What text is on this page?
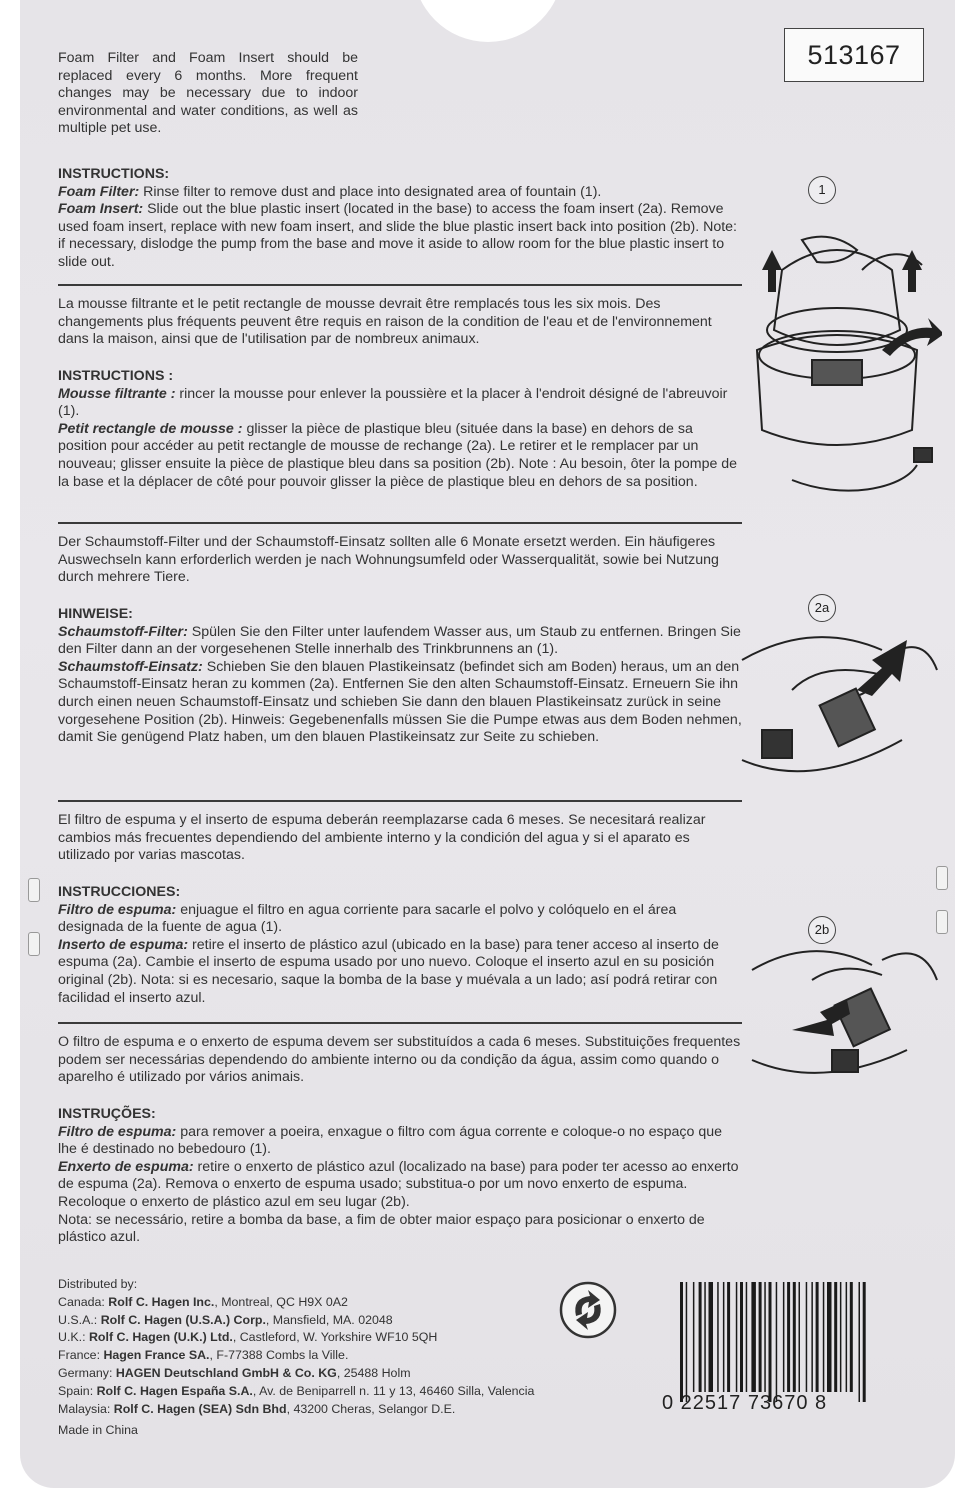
513167

Foam Filter and Foam Insert should be replaced every 6 months. More frequent changes may be necessary due to indoor environmental and water conditions, as well as multiple pet use.

INSTRUCTIONS:

Foam Filter: Rinse filter to remove dust and place into designated area of fountain (1).

Foam Insert: Slide out the blue plastic insert (located in the base) to access the foam insert (2a). Remove used foam insert, replace with new foam insert, and slide the blue plastic insert back into position (2b). Note: if necessary, dislodge the pump from the base and move it aside to allow room for the blue plastic insert to slide out.

La mousse filtrante et le petit rectangle de mousse devrait être remplacés tous les six mois. Des changements plus fréquents peuvent être requis en raison de la condition de l'eau et de l'environnement dans la maison, ainsi que de l'utilisation par de nombreux animaux.

INSTRUCTIONS :

Mousse filtrante : rincer la mousse pour enlever la poussière et la placer à l'endroit désigné de l'abreuvoir (1).

Petit rectangle de mousse : glisser la pièce de plastique bleu (située dans la base) en dehors de sa position pour accéder au petit rectangle de mousse de rechange (2a). Le retirer et le remplacer par un nouveau; glisser ensuite la pièce de plastique bleu dans sa position (2b). Note : Au besoin, ôter la pompe de la base et la déplacer de côté pour pouvoir glisser la pièce de plastique bleu en dehors de sa position.

Der Schaumstoff-Filter und der Schaumstoff-Einsatz sollten alle 6 Monate ersetzt werden. Ein häufigeres Auswechseln kann erforderlich werden je nach Wohnungsumfeld oder Wasserqualität, sowie bei Nutzung durch mehrere Tiere.

HINWEISE:

Schaumstoff-Filter: Spülen Sie den Filter unter laufendem Wasser aus, um Staub zu entfernen. Bringen Sie den Filter dann an der vorgesehenen Stelle innerhalb des Trinkbrunnens an (1).

Schaumstoff-Einsatz: Schieben Sie den blauen Plastikeinsatz (befindet sich am Boden) heraus, um an den Schaumstoff-Einsatz heran zu kommen (2a). Entfernen Sie den alten Schaumstoff-Einsatz. Erneuern Sie ihn durch einen neuen Schaumstoff-Einsatz und schieben Sie dann den blauen Plastikeinsatz zurück in seine vorgesehene Position (2b). Hinweis: Gegebenenfalls müssen Sie die Pumpe etwas aus dem Boden nehmen, damit Sie genügend Platz haben, um den blauen Plastikeinsatz zur Seite zu schieben.

El filtro de espuma y el inserto de espuma deberán reemplazarse cada 6 meses. Se necesitará realizar cambios más frecuentes dependiendo del ambiente interno y la condición del agua y si el aparato es utilizado por varias mascotas.

INSTRUCCIONES:

Filtro de espuma: enjuague el filtro en agua corriente para sacarle el polvo y colóquelo en el área designada de la fuente de agua (1).

Inserto de espuma: retire el inserto de plástico azul (ubicado en la base) para tener acceso al inserto de espuma (2a). Cambie el inserto de espuma usado por uno nuevo. Coloque el inserto azul en su posición original (2b). Nota: si es necesario, saque la bomba de la base y muévala a un lado; así podrá retirar con facilidad el inserto azul.

O filtro de espuma e o enxerto de espuma devem ser substituídos a cada 6 meses. Substituições frequentes podem ser necessárias dependendo do ambiente interno ou da condição da água, assim como quando o aparelho é utilizado por vários animais.

INSTRUÇÕES:

Filtro de espuma: para remover a poeira, enxague o filtro com água corrente e coloque-o no espaço que lhe é destinado no bebedouro (1).

Enxerto de espuma: retire o enxerto de plástico azul (localizado na base) para poder ter acesso ao enxerto de espuma (2a). Remova o enxerto de espuma usado; substitua-o por um novo enxerto de espuma. Recoloque o enxerto de plástico azul em seu lugar (2b).

Nota: se necessário, retire a bomba da base, a fim de obter maior espaço para posicionar o enxerto de plástico azul.

1
2a
2b
Distributed by:
Canada: Rolf C. Hagen Inc., Montreal, QC H9X 0A2
U.S.A.: Rolf C. Hagen (U.S.A.) Corp., Mansfield, MA. 02048
U.K.: Rolf C. Hagen (U.K.) Ltd., Castleford, W. Yorkshire WF10 5QH
France: Hagen France SA., F-77388 Combs la Ville.
Germany: HAGEN Deutschland GmbH & Co. KG, 25488 Holm
Spain: Rolf C. Hagen España S.A., Av. de Beniparrell n. 11 y 13, 46460 Silla, Valencia
Malaysia: Rolf C. Hagen (SEA) Sdn Bhd, 43200 Cheras, Selangor D.E.
Made in China
0 22517 73670 8
